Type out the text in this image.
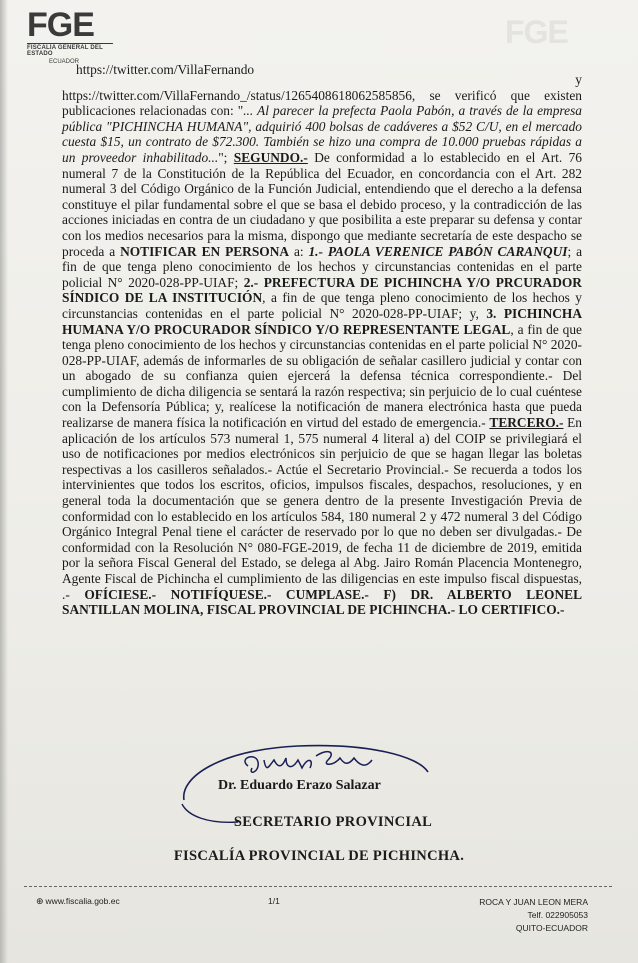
FGE
FISCALÍA GENERAL DEL ESTADO
ECUADOR
FGE

https://twitter.com/VillaFernando
y

https://twitter.com/VillaFernando_/status/1265408618062585856, se verificó que existen publicaciones relacionadas con: "... Al parecer la prefecta Paola Pabón, a través de la empresa pública "PICHINCHA HUMANA", adquirió 400 bolsas de cadáveres a $52 C/U, en el mercado cuesta $15, un contrato de $72.300. También se hizo una compra de 10.000 pruebas rápidas a un proveedor inhabilitado..."; SEGUNDO.- De conformidad a lo establecido en el Art. 76 numeral 7 de la Constitución de la República del Ecuador, en concordancia con el Art. 282 numeral 3 del Código Orgánico de la Función Judicial, entendiendo que el derecho a la defensa constituye el pilar fundamental sobre el que se basa el debido proceso, y la contradicción de las acciones iniciadas en contra de un ciudadano y que posibilita a este preparar su defensa y contar con los medios necesarios para la misma, dispongo que mediante secretaría de este despacho se proceda a NOTIFICAR EN PERSONA a: 1.- PAOLA VERENICE PABÓN CARANQUI; a fin de que tenga pleno conocimiento de los hechos y circunstancias contenidas en el parte policial N° 2020-028-PP-UIAF; 2.- PREFECTURA DE PICHINCHA Y/O PRCURADOR SÍNDICO DE LA INSTITUCIÓN, a fin de que tenga pleno conocimiento de los hechos y circunstancias contenidas en el parte policial N° 2020-028-PP-UIAF; y, 3. PICHINCHA HUMANA Y/O PROCURADOR SÍNDICO Y/O REPRESENTANTE LEGAL, a fin de que tenga pleno conocimiento de los hechos y circunstancias contenidas en el parte policial N° 2020-028-PP-UIAF, además de informarles de su obligación de señalar casillero judicial y contar con un abogado de su confianza quien ejercerá la defensa técnica correspondiente.- Del cumplimiento de dicha diligencia se sentará la razón respectiva; sin perjuicio de lo cual cuéntese con la Defensoría Pública; y, realícese la notificación de manera electrónica hasta que pueda realizarse de manera física la notificación en virtud del estado de emergencia.- TERCERO.- En aplicación de los artículos 573 numeral 1, 575 numeral 4 literal a) del COIP se privilegiará el uso de notificaciones por medios electrónicos sin perjuicio de que se hagan llegar las boletas respectivas a los casilleros señalados.- Actúe el Secretario Provincial.- Se recuerda a todos los intervinientes que todos los escritos, oficios, impulsos fiscales, despachos, resoluciones, y en general toda la documentación que se genera dentro de la presente Investigación Previa de conformidad con lo establecido en los artículos 584, 180 numeral 2 y 472 numeral 3 del Código Orgánico Integral Penal tiene el carácter de reservado por lo que no deben ser divulgadas.- De conformidad con la Resolución N° 080-FGE-2019, de fecha 11 de diciembre de 2019, emitida por la señora Fiscal General del Estado, se delega al Abg. Jairo Román Placencia Montenegro, Agente Fiscal de Pichincha el cumplimiento de las diligencias en este impulso fiscal dispuestas, .- OFÍCIESE.- NOTIFÍQUESE.- CUMPLASE.- F) DR. ALBERTO LEONEL SANTILLAN MOLINA, FISCAL PROVINCIAL DE PICHINCHA.- LO CERTIFICO.-

Eduardo Erazo
Dr. Eduardo Erazo Salazar
SECRETARIO PROVINCIAL
FISCALÍA PROVINCIAL DE PICHINCHA.
⊕ www.fiscalia.gob.ec	1/1	ROCA Y JUAN LEON MERA
Telf. 022905053
QUITO-ECUADOR
